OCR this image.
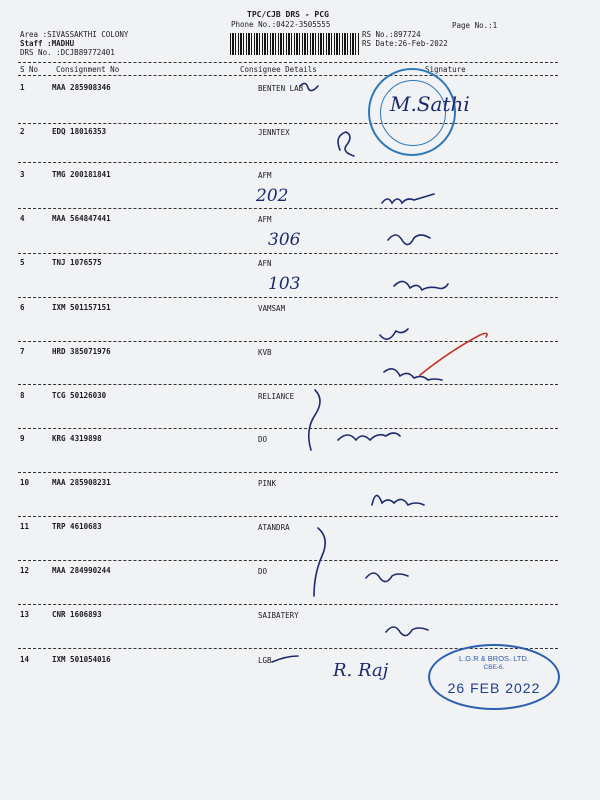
TPC/CJB DRS - PCG
Phone No.:0422-3505555	Page No.:1
Area :SIVASSAKTHI COLONY
Staff :MADHU
DRS No. :DCJB89772401
RS No.:897724
RS Date:26-Feb-2022
S No Consignment No	Consignee Details	Signature
1	MAA 285908346	BENTEN LAB
2	EDQ 18016353	JENNTEX
3	TMG 200181841	AFM
4	MAA 564847441	AFM
5	TNJ 1076575	AFN
6	IXM 501157151	VAMSAM
7	HRD 385071976	KVB
8	TCG 50126030	RELIANCE
9	KRG 4319898	DO
10	MAA 285908231	PINK
11	TRP 4610683	ATANDRA
12	MAA 284990244	DO
13	CNR 1606893	SAIBATERY
14	IXM 501054016	LGB
M.Sathi
202
306
103
R. Raj
L.G.R & BROS. LTD.
CBE-6.
26 FEB 2022
